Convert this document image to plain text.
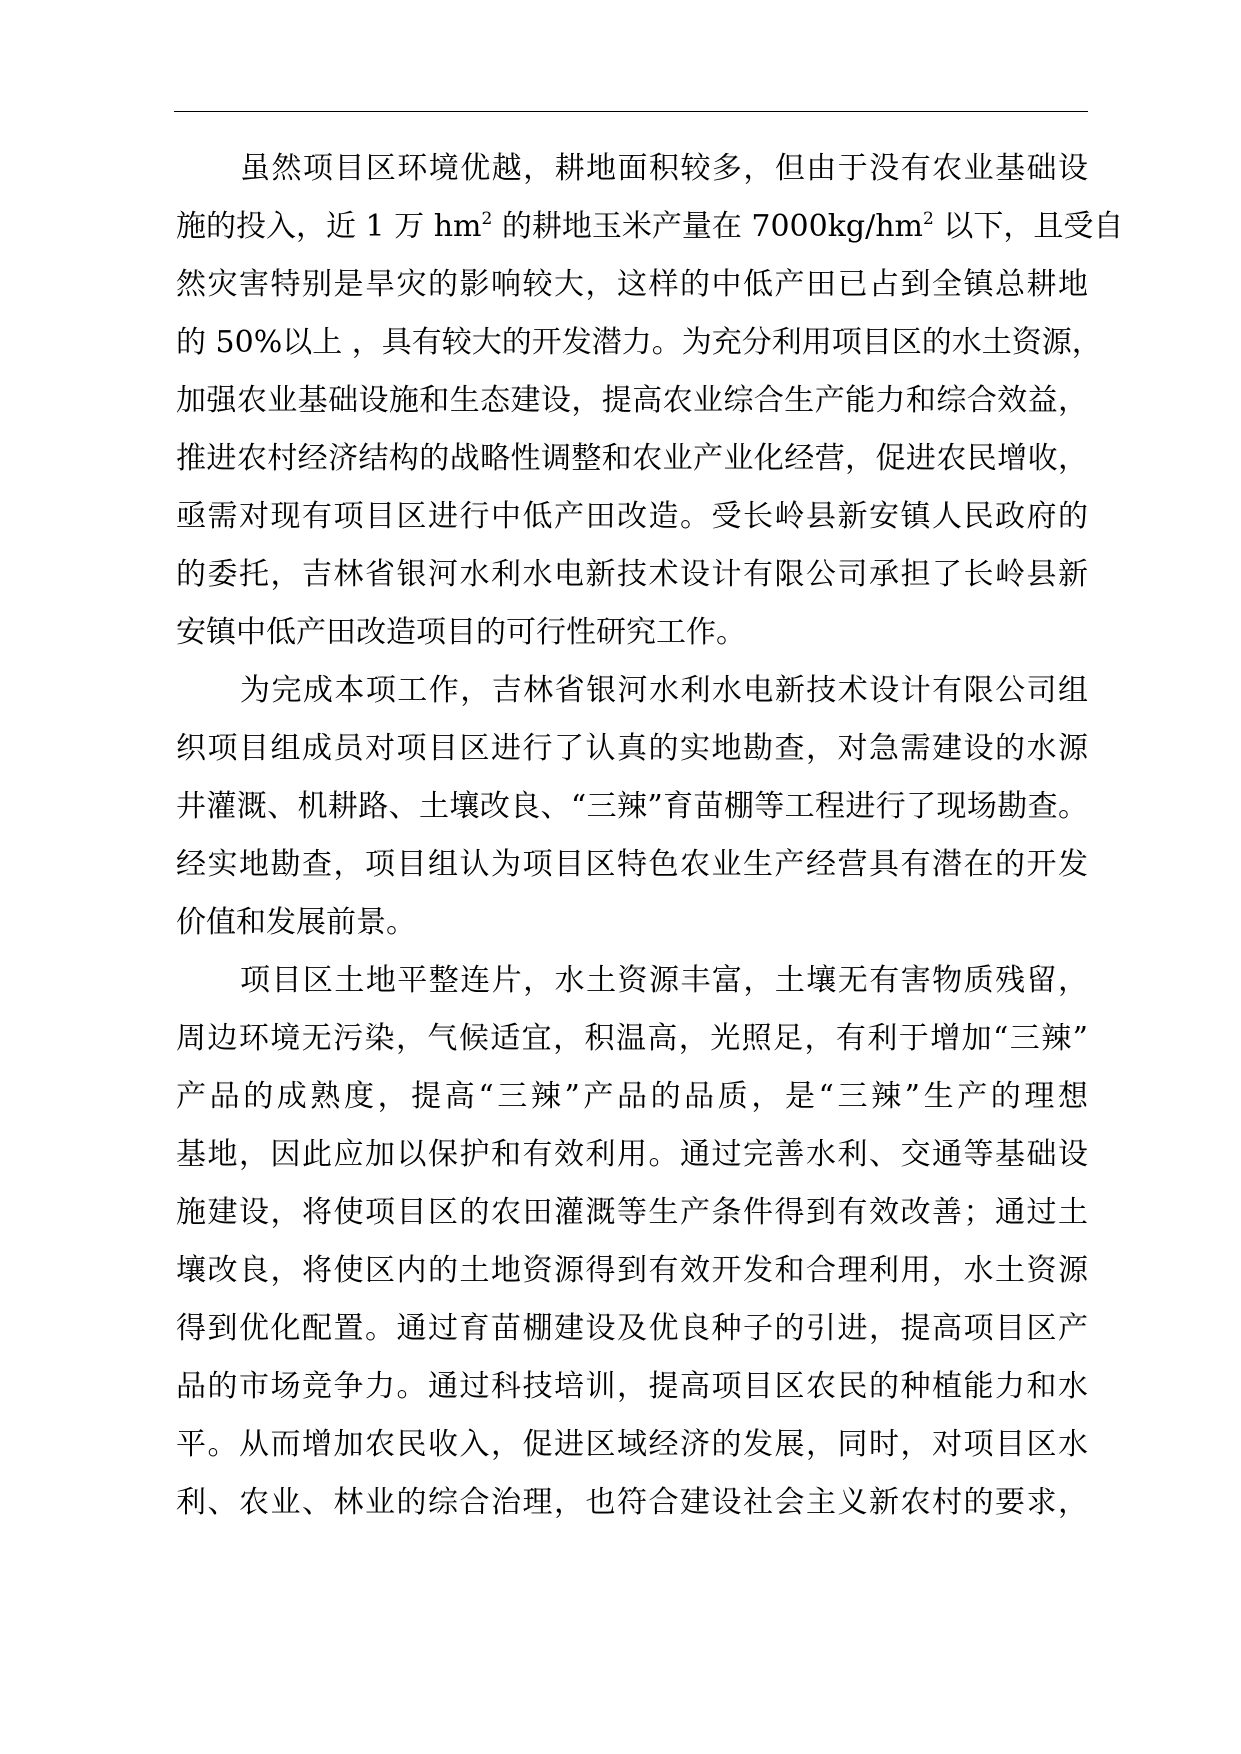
虽然项目区环境优越，耕地面积较多，但由于没有农业基础设
施的投入，近 1 万 $hm^2$ 的耕地玉米产量在 $7000kg/hm^2$ 以下，且受自
然灾害特别是旱灾的影响较大，这样的中低产田已占到全镇总耕地
的 50%以上 ，具有较大的开发潜力。为充分利用项目区的水土资源，
加强农业基础设施和生态建设，提高农业综合生产能力和综合效益，
推进农村经济结构的战略性调整和农业产业化经营，促进农民增收，
亟需对现有项目区进行中低产田改造。受长岭县新安镇人民政府的
的委托，吉林省银河水利水电新技术设计有限公司承担了长岭县新
安镇中低产田改造项目的可行性研究工作。
为完成本项工作，吉林省银河水利水电新技术设计有限公司组
织项目组成员对项目区进行了认真的实地勘查，对急需建设的水源
井灌溉、机耕路、土壤改良、“三辣”育苗棚等工程进行了现场勘查。
经实地勘查，项目组认为项目区特色农业生产经营具有潜在的开发
价值和发展前景。
项目区土地平整连片，水土资源丰富，土壤无有害物质残留，
周边环境无污染，气候适宜，积温高，光照足，有利于增加“三辣”
产品的成熟度，提高“三辣”产品的品质，是“三辣”生产的理想
基地，因此应加以保护和有效利用。通过完善水利、交通等基础设
施建设，将使项目区的农田灌溉等生产条件得到有效改善；通过土
壤改良，将使区内的土地资源得到有效开发和合理利用，水土资源
得到优化配置。通过育苗棚建设及优良种子的引进，提高项目区产
品的市场竞争力。通过科技培训，提高项目区农民的种植能力和水
平。从而增加农民收入，促进区域经济的发展，同时，对项目区水
利、农业、林业的综合治理，也符合建设社会主义新农村的要求，
